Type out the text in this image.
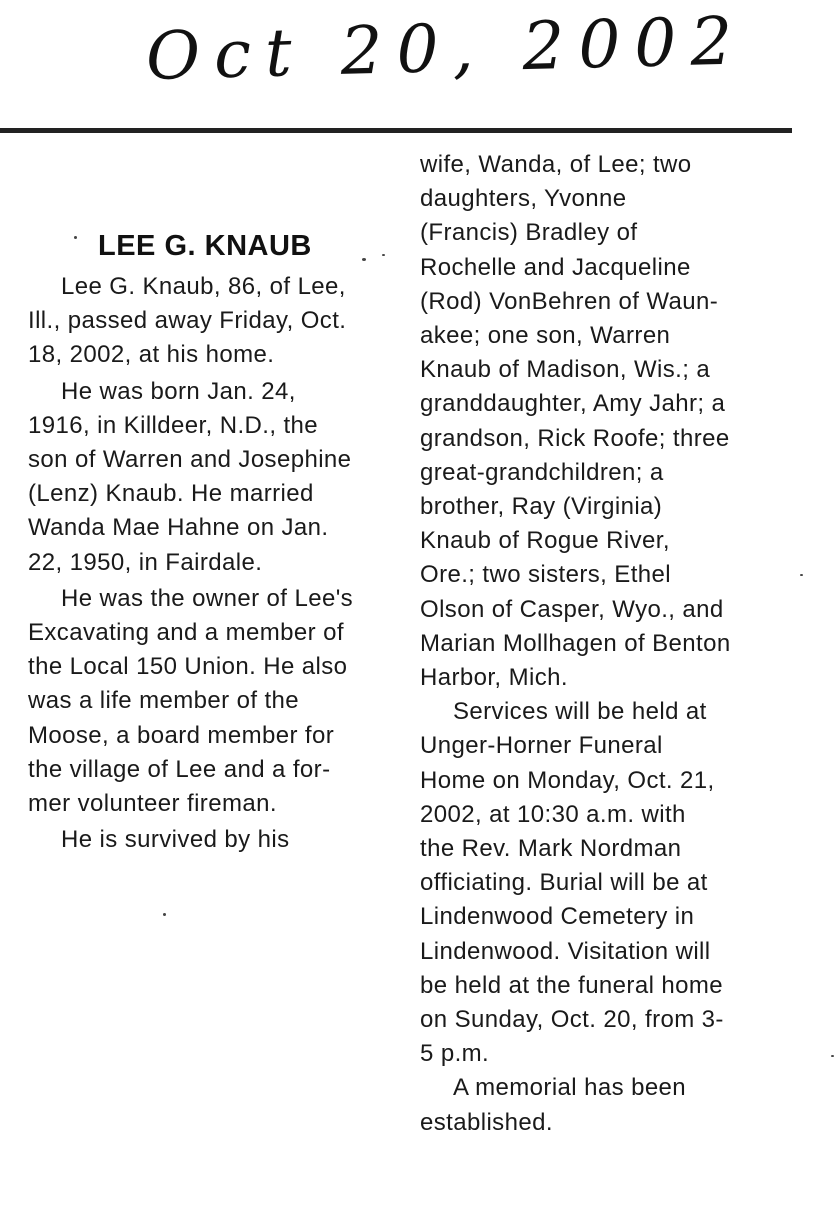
Oct 20, 2002
LEE G. KNAUB

Lee G. Knaub, 86, of Lee,
Ill., passed away Friday, Oct.
18, 2002, at his home.

He was born Jan. 24,
1916, in Killdeer, N.D., the
son of Warren and Josephine
(Lenz) Knaub. He married
Wanda Mae Hahne on Jan.
22, 1950, in Fairdale.

He was the owner of Lee's
Excavating and a member of
the Local 150 Union. He also
was a life member of the
Moose, a board member for
the village of Lee and a for-
mer volunteer fireman.

He is survived by his

wife, Wanda, of Lee; two
daughters, Yvonne
(Francis) Bradley of
Rochelle and Jacqueline
(Rod) VonBehren of Waun-
akee; one son, Warren
Knaub of Madison, Wis.; a
granddaughter, Amy Jahr; a
grandson, Rick Roofe; three
great-grandchildren; a
brother, Ray (Virginia)
Knaub of Rogue River,
Ore.; two sisters, Ethel
Olson of Casper, Wyo., and
Marian Mollhagen of Benton
Harbor, Mich.

Services will be held at
Unger-Horner Funeral
Home on Monday, Oct. 21,
2002, at 10:30 a.m. with
the Rev. Mark Nordman
officiating. Burial will be at
Lindenwood Cemetery in
Lindenwood. Visitation will
be held at the funeral home
on Sunday, Oct. 20, from 3-
5 p.m.

A memorial has been
established.
